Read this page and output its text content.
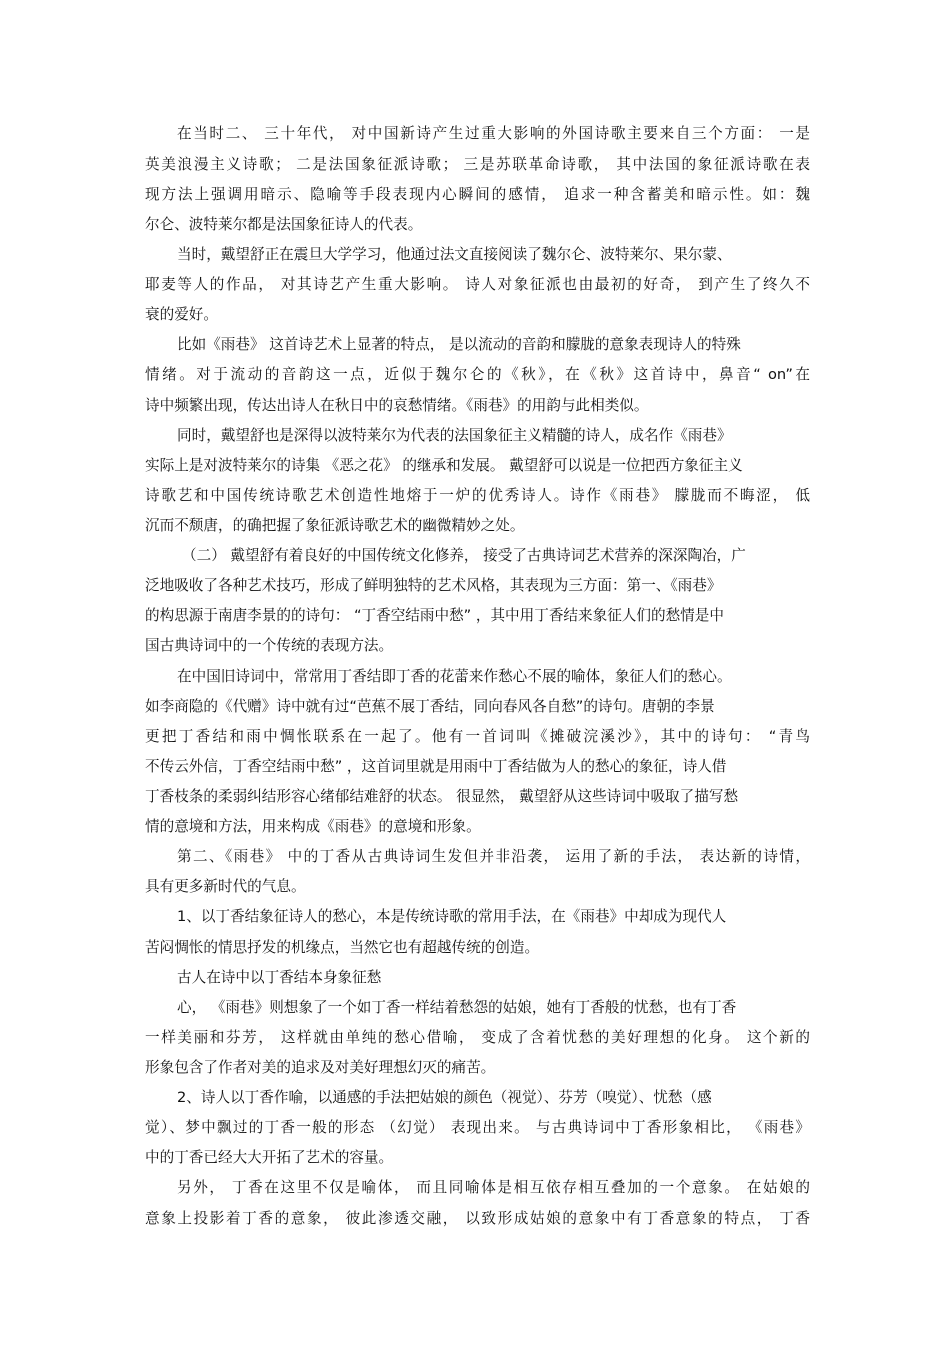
在当时二、 三十年代， 对中国新诗产生过重大影响的外国诗歌主要来自三个方面： 一是

英美浪漫主义诗歌； 二是法国象征派诗歌； 三是苏联革命诗歌， 其中法国的象征派诗歌在表

现方法上强调用暗示、隐喻等手段表现内心瞬间的感情， 追求一种含蓄美和暗示性。如：魏

尔仑、波特莱尔都是法国象征诗人的代表。

当时，戴望舒正在震旦大学学习，他通过法文直接阅读了魏尔仑、波特莱尔、果尔蒙、

耶麦等人的作品， 对其诗艺产生重大影响。 诗人对象征派也由最初的好奇， 到产生了终久不

衰的爱好。

比如《雨巷》 这首诗艺术上显著的特点， 是以流动的音韵和朦胧的意象表现诗人的特殊

情绪。对于流动的音韵这一点，近似于魏尔仑的《秋》，在《秋》这首诗中，鼻音“ on”在

诗中频繁出现，传达出诗人在秋日中的哀愁情绪。《雨巷》的用韵与此相类似。

同时，戴望舒也是深得以波特莱尔为代表的法国象征主义精髓的诗人，成名作《雨巷》

实际上是对波特莱尔的诗集 《恶之花》 的继承和发展。 戴望舒可以说是一位把西方象征主义

诗歌艺和中国传统诗歌艺术创造性地熔于一炉的优秀诗人。诗作《雨巷》 朦胧而不晦涩， 低

沉而不颓唐，的确把握了象征派诗歌艺术的幽微精妙之处。

（二） 戴望舒有着良好的中国传统文化修养， 接受了古典诗词艺术营养的深深陶冶，广

泛地吸收了各种艺术技巧，形成了鲜明独特的艺术风格，其表现为三方面：第一、《雨巷》

的构思源于南唐李景的的诗句： “丁香空结雨中愁” ，其中用丁香结来象征人们的愁情是中

国古典诗词中的一个传统的表现方法。

在中国旧诗词中，常常用丁香结即丁香的花蕾来作愁心不展的喻体，象征人们的愁心。

如李商隐的《代赠》诗中就有过“芭蕉不展丁香结，同向春风各自愁”的诗句。唐朝的李景

更把丁香结和雨中惆怅联系在一起了。他有一首词叫《摊破浣溪沙》，其中的诗句： “青鸟

不传云外信，丁香空结雨中愁” ，这首词里就是用雨中丁香结做为人的愁心的象征，诗人借

丁香枝条的柔弱纠结形容心绪郁结难舒的状态。 很显然， 戴望舒从这些诗词中吸取了描写愁

情的意境和方法，用来构成《雨巷》的意境和形象。

第二、《雨巷》 中的丁香从古典诗词生发但并非沿袭， 运用了新的手法， 表达新的诗情，

具有更多新时代的气息。

1、以丁香结象征诗人的愁心，本是传统诗歌的常用手法，在《雨巷》中却成为现代人

苦闷惆怅的情思抒发的机缘点，当然它也有超越传统的创造。

古人在诗中以丁香结本身象征愁

心， 《雨巷》则想象了一个如丁香一样结着愁怨的姑娘，她有丁香般的忧愁，也有丁香

一样美丽和芬芳， 这样就由单纯的愁心借喻， 变成了含着忧愁的美好理想的化身。 这个新的

形象包含了作者对美的追求及对美好理想幻灭的痛苦。

2、诗人以丁香作喻，以通感的手法把姑娘的颜色（视觉）、芬芳（嗅觉）、忧愁（感

觉）、梦中飘过的丁香一般的形态 （幻觉） 表现出来。 与古典诗词中丁香形象相比， 《雨巷》

中的丁香已经大大开拓了艺术的容量。

另外， 丁香在这里不仅是喻体， 而且同喻体是相互依存相互叠加的一个意象。 在姑娘的

意象上投影着丁香的意象， 彼此渗透交融， 以致形成姑娘的意象中有丁香意象的特点， 丁香
